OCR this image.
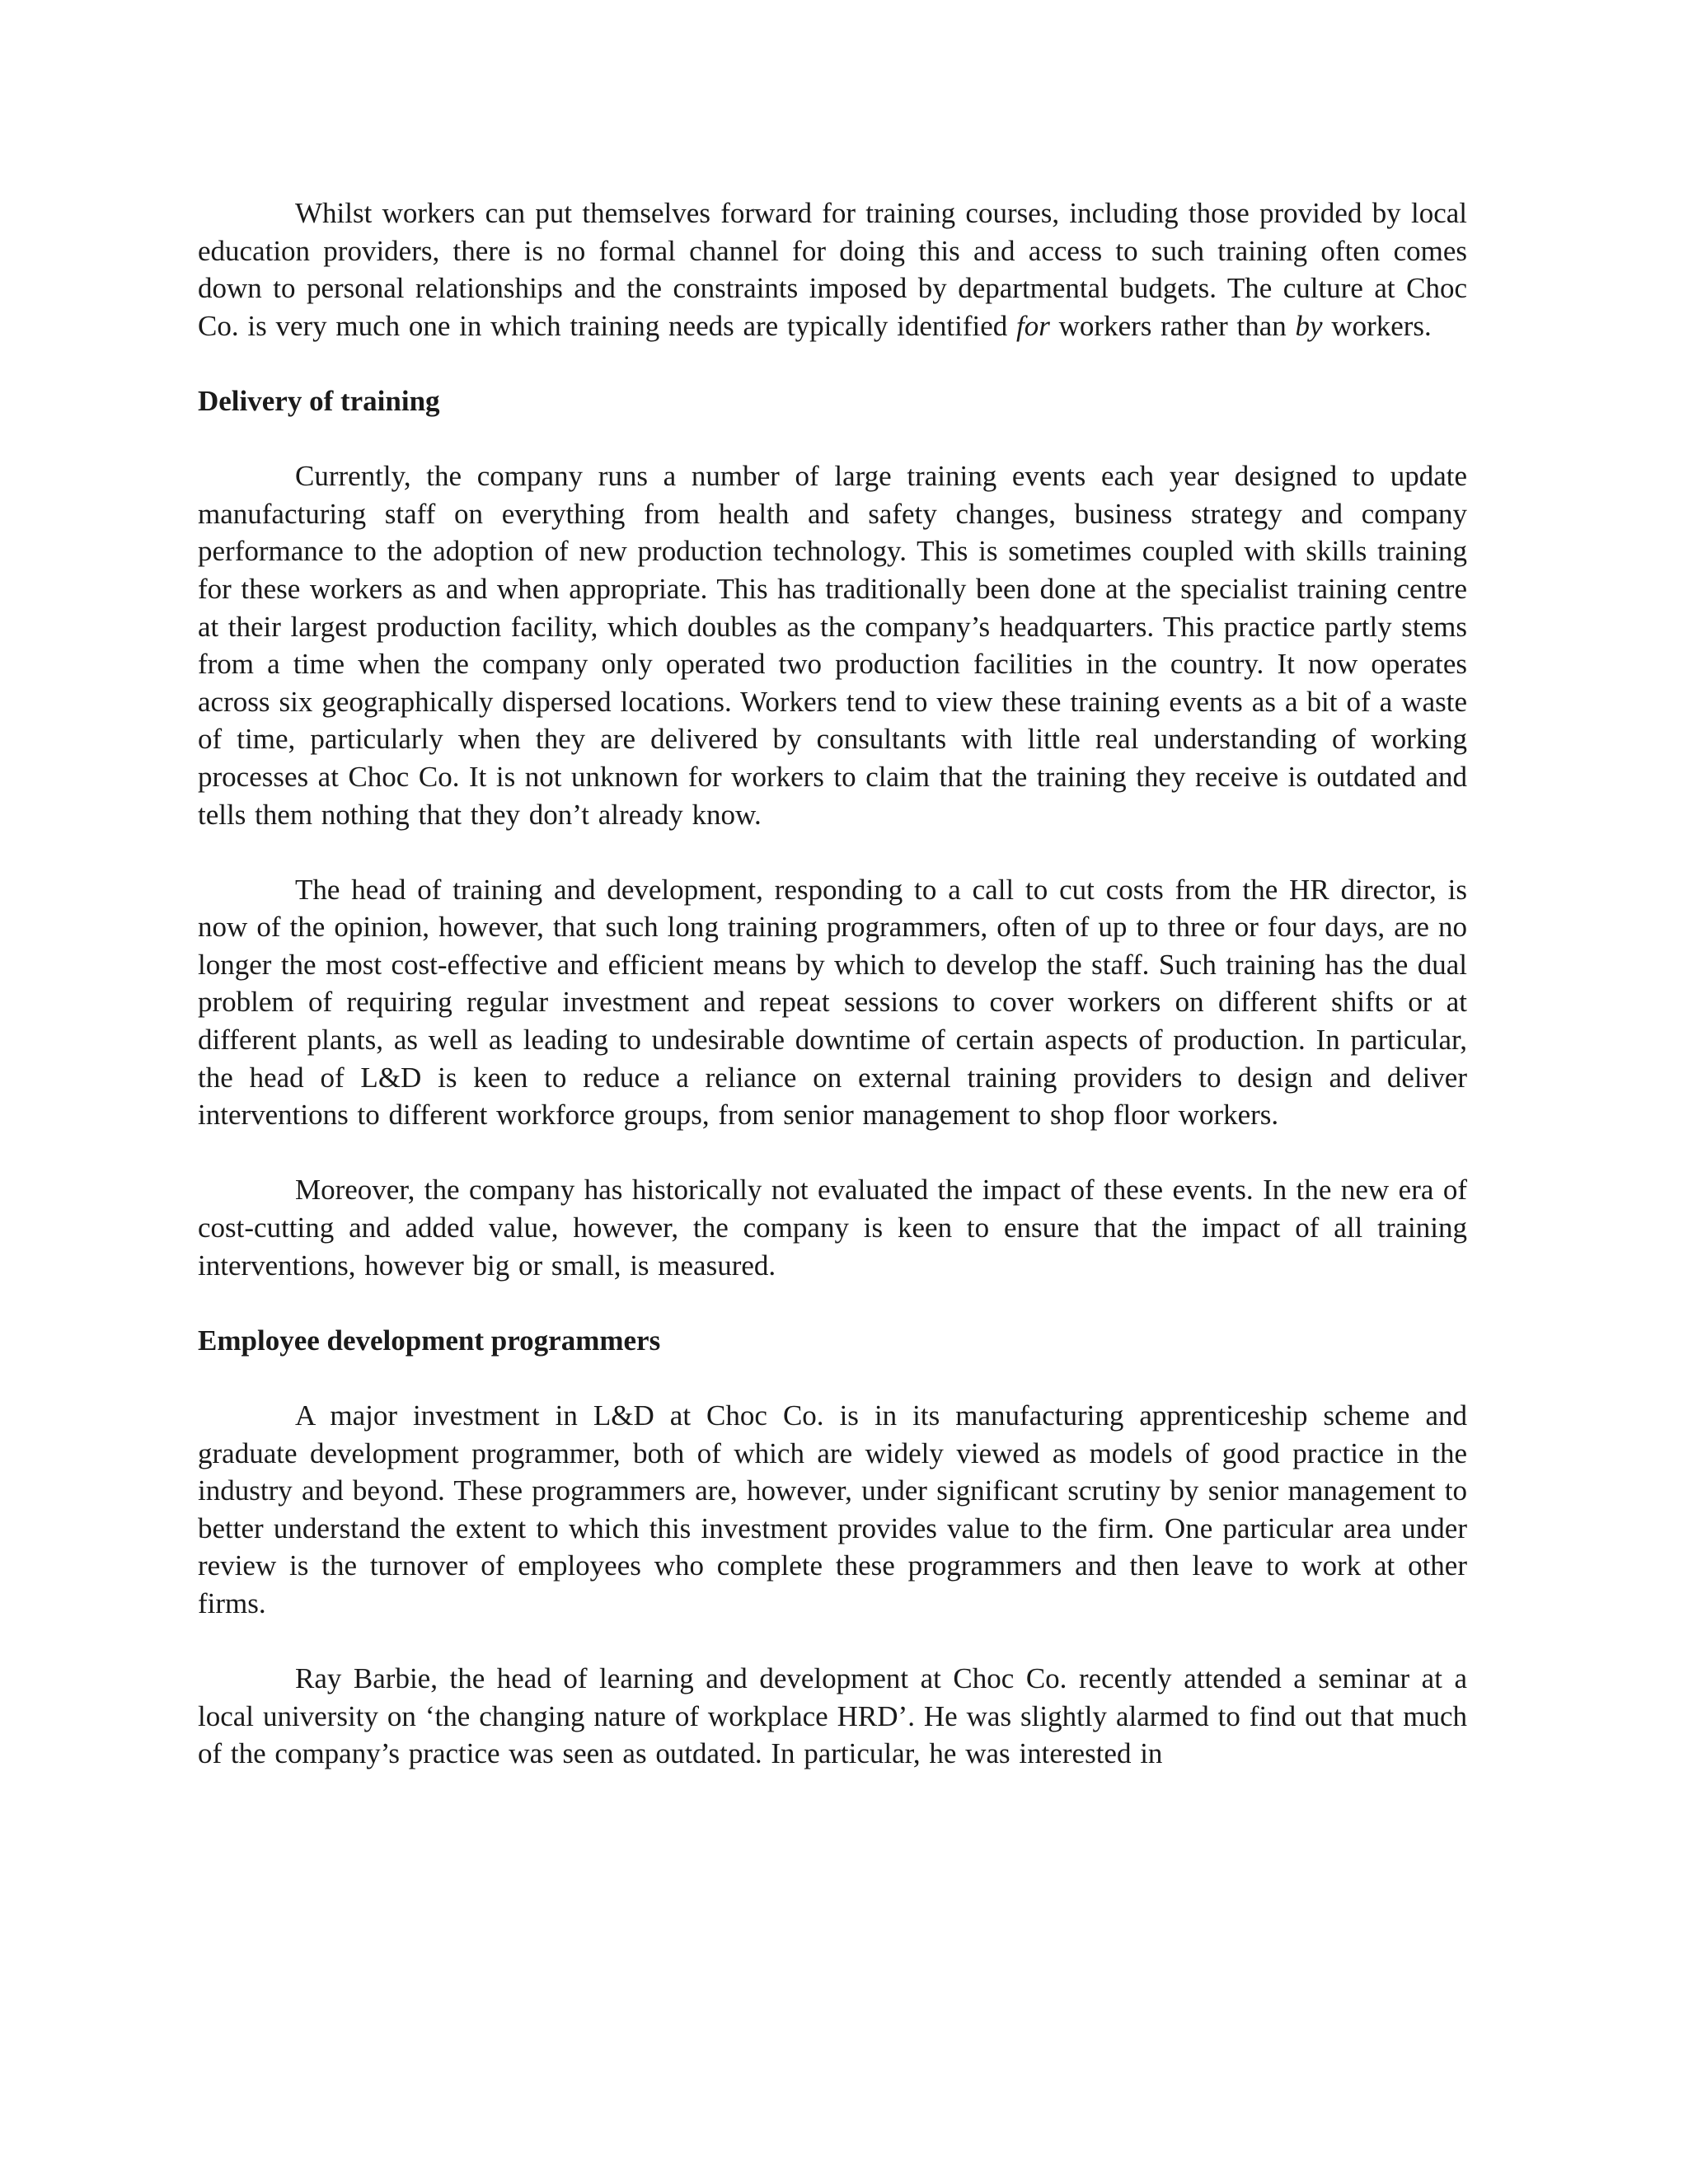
Whilst workers can put themselves forward for training courses, including those provided by local education providers, there is no formal channel for doing this and access to such training often comes down to personal relationships and the constraints imposed by departmental budgets. The culture at Choc Co. is very much one in which training needs are typically identified for workers rather than by workers.

Delivery of training

Currently, the company runs a number of large training events each year designed to update manufacturing staff on everything from health and safety changes, business strategy and company performance to the adoption of new production technology. This is sometimes coupled with skills training for these workers as and when appropriate. This has traditionally been done at the specialist training centre at their largest production facility, which doubles as the company’s headquarters. This practice partly stems from a time when the company only operated two production facilities in the country. It now operates across six geographically dispersed locations. Workers tend to view these training events as a bit of a waste of time, particularly when they are delivered by consultants with little real understanding of working processes at Choc Co. It is not unknown for workers to claim that the training they receive is outdated and tells them nothing that they don’t already know.

The head of training and development, responding to a call to cut costs from the HR director, is now of the opinion, however, that such long training programmers, often of up to three or four days, are no longer the most cost-effective and efficient means by which to develop the staff. Such training has the dual problem of requiring regular investment and repeat sessions to cover workers on different shifts or at different plants, as well as leading to undesirable downtime of certain aspects of production. In particular, the head of L&D is keen to reduce a reliance on external training providers to design and deliver interventions to different workforce groups, from senior management to shop floor workers.

Moreover, the company has historically not evaluated the impact of these events. In the new era of cost-cutting and added value, however, the company is keen to ensure that the impact of all training interventions, however big or small, is measured.

Employee development programmers

A major investment in L&D at Choc Co. is in its manufacturing apprenticeship scheme and graduate development programmer, both of which are widely viewed as models of good practice in the industry and beyond. These programmers are, however, under significant scrutiny by senior management to better understand the extent to which this investment provides value to the firm. One particular area under review is the turnover of employees who complete these programmers and then leave to work at other firms.

Ray Barbie, the head of learning and development at Choc Co. recently attended a seminar at a local university on ‘the changing nature of workplace HRD’. He was slightly alarmed to find out that much of the company’s practice was seen as outdated. In particular, he was interested in
